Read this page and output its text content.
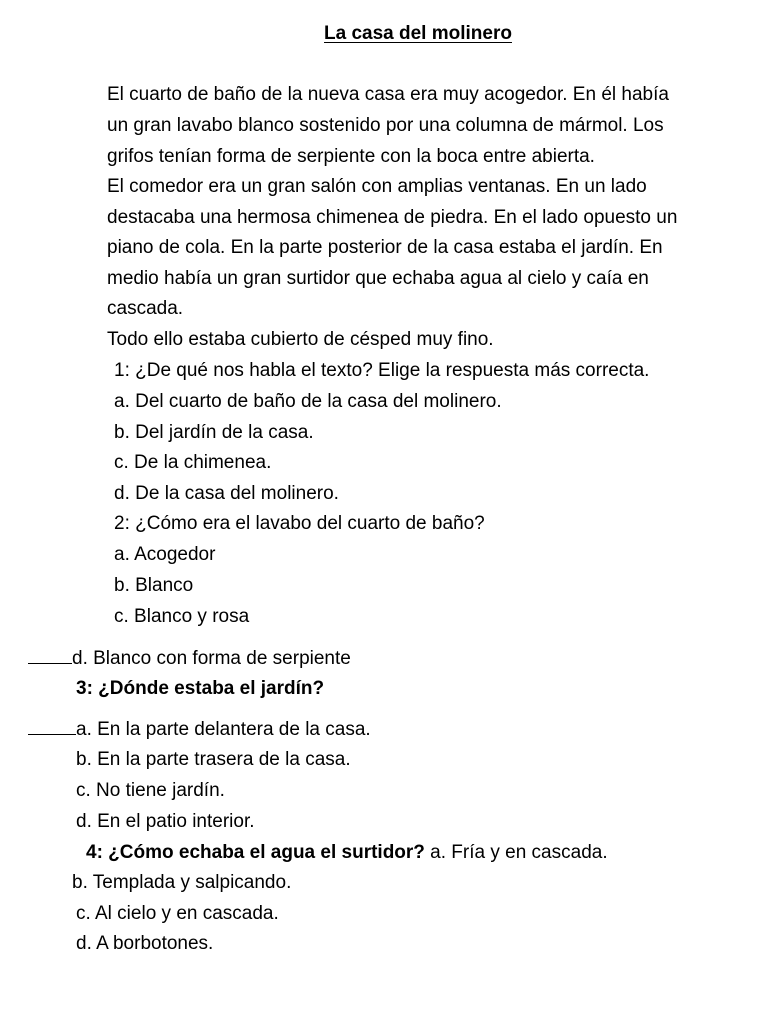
La casa del molinero
El cuarto de baño de la nueva casa era muy acogedor. En él había
un gran lavabo blanco sostenido por una columna de mármol. Los
grifos tenían forma de serpiente con la boca entre abierta.
El comedor era un gran salón con amplias ventanas. En un lado
destacaba una hermosa chimenea de piedra. En el lado opuesto un
piano de cola. En la parte posterior de la casa estaba el jardín. En
medio había un gran surtidor que echaba agua al cielo y caía en
cascada.
Todo ello estaba cubierto de césped muy fino.
1: ¿De qué nos habla el texto? Elige la respuesta más correcta.
a. Del cuarto de baño de la casa del molinero.
b. Del jardín de la casa.
c. De la chimenea.
d. De la casa del molinero.
2: ¿Cómo era el lavabo del cuarto de baño?
a. Acogedor
b. Blanco
c. Blanco y rosa
d. Blanco con forma de serpiente
3: ¿Dónde estaba el jardín?
a. En la parte delantera de la casa.
b. En la parte trasera de la casa.
c. No tiene jardín.
d. En el patio interior.
4: ¿Cómo echaba el agua el surtidor? a. Fría y en cascada.
b. Templada y salpicando.
c. Al cielo y en cascada.
d. A borbotones.
